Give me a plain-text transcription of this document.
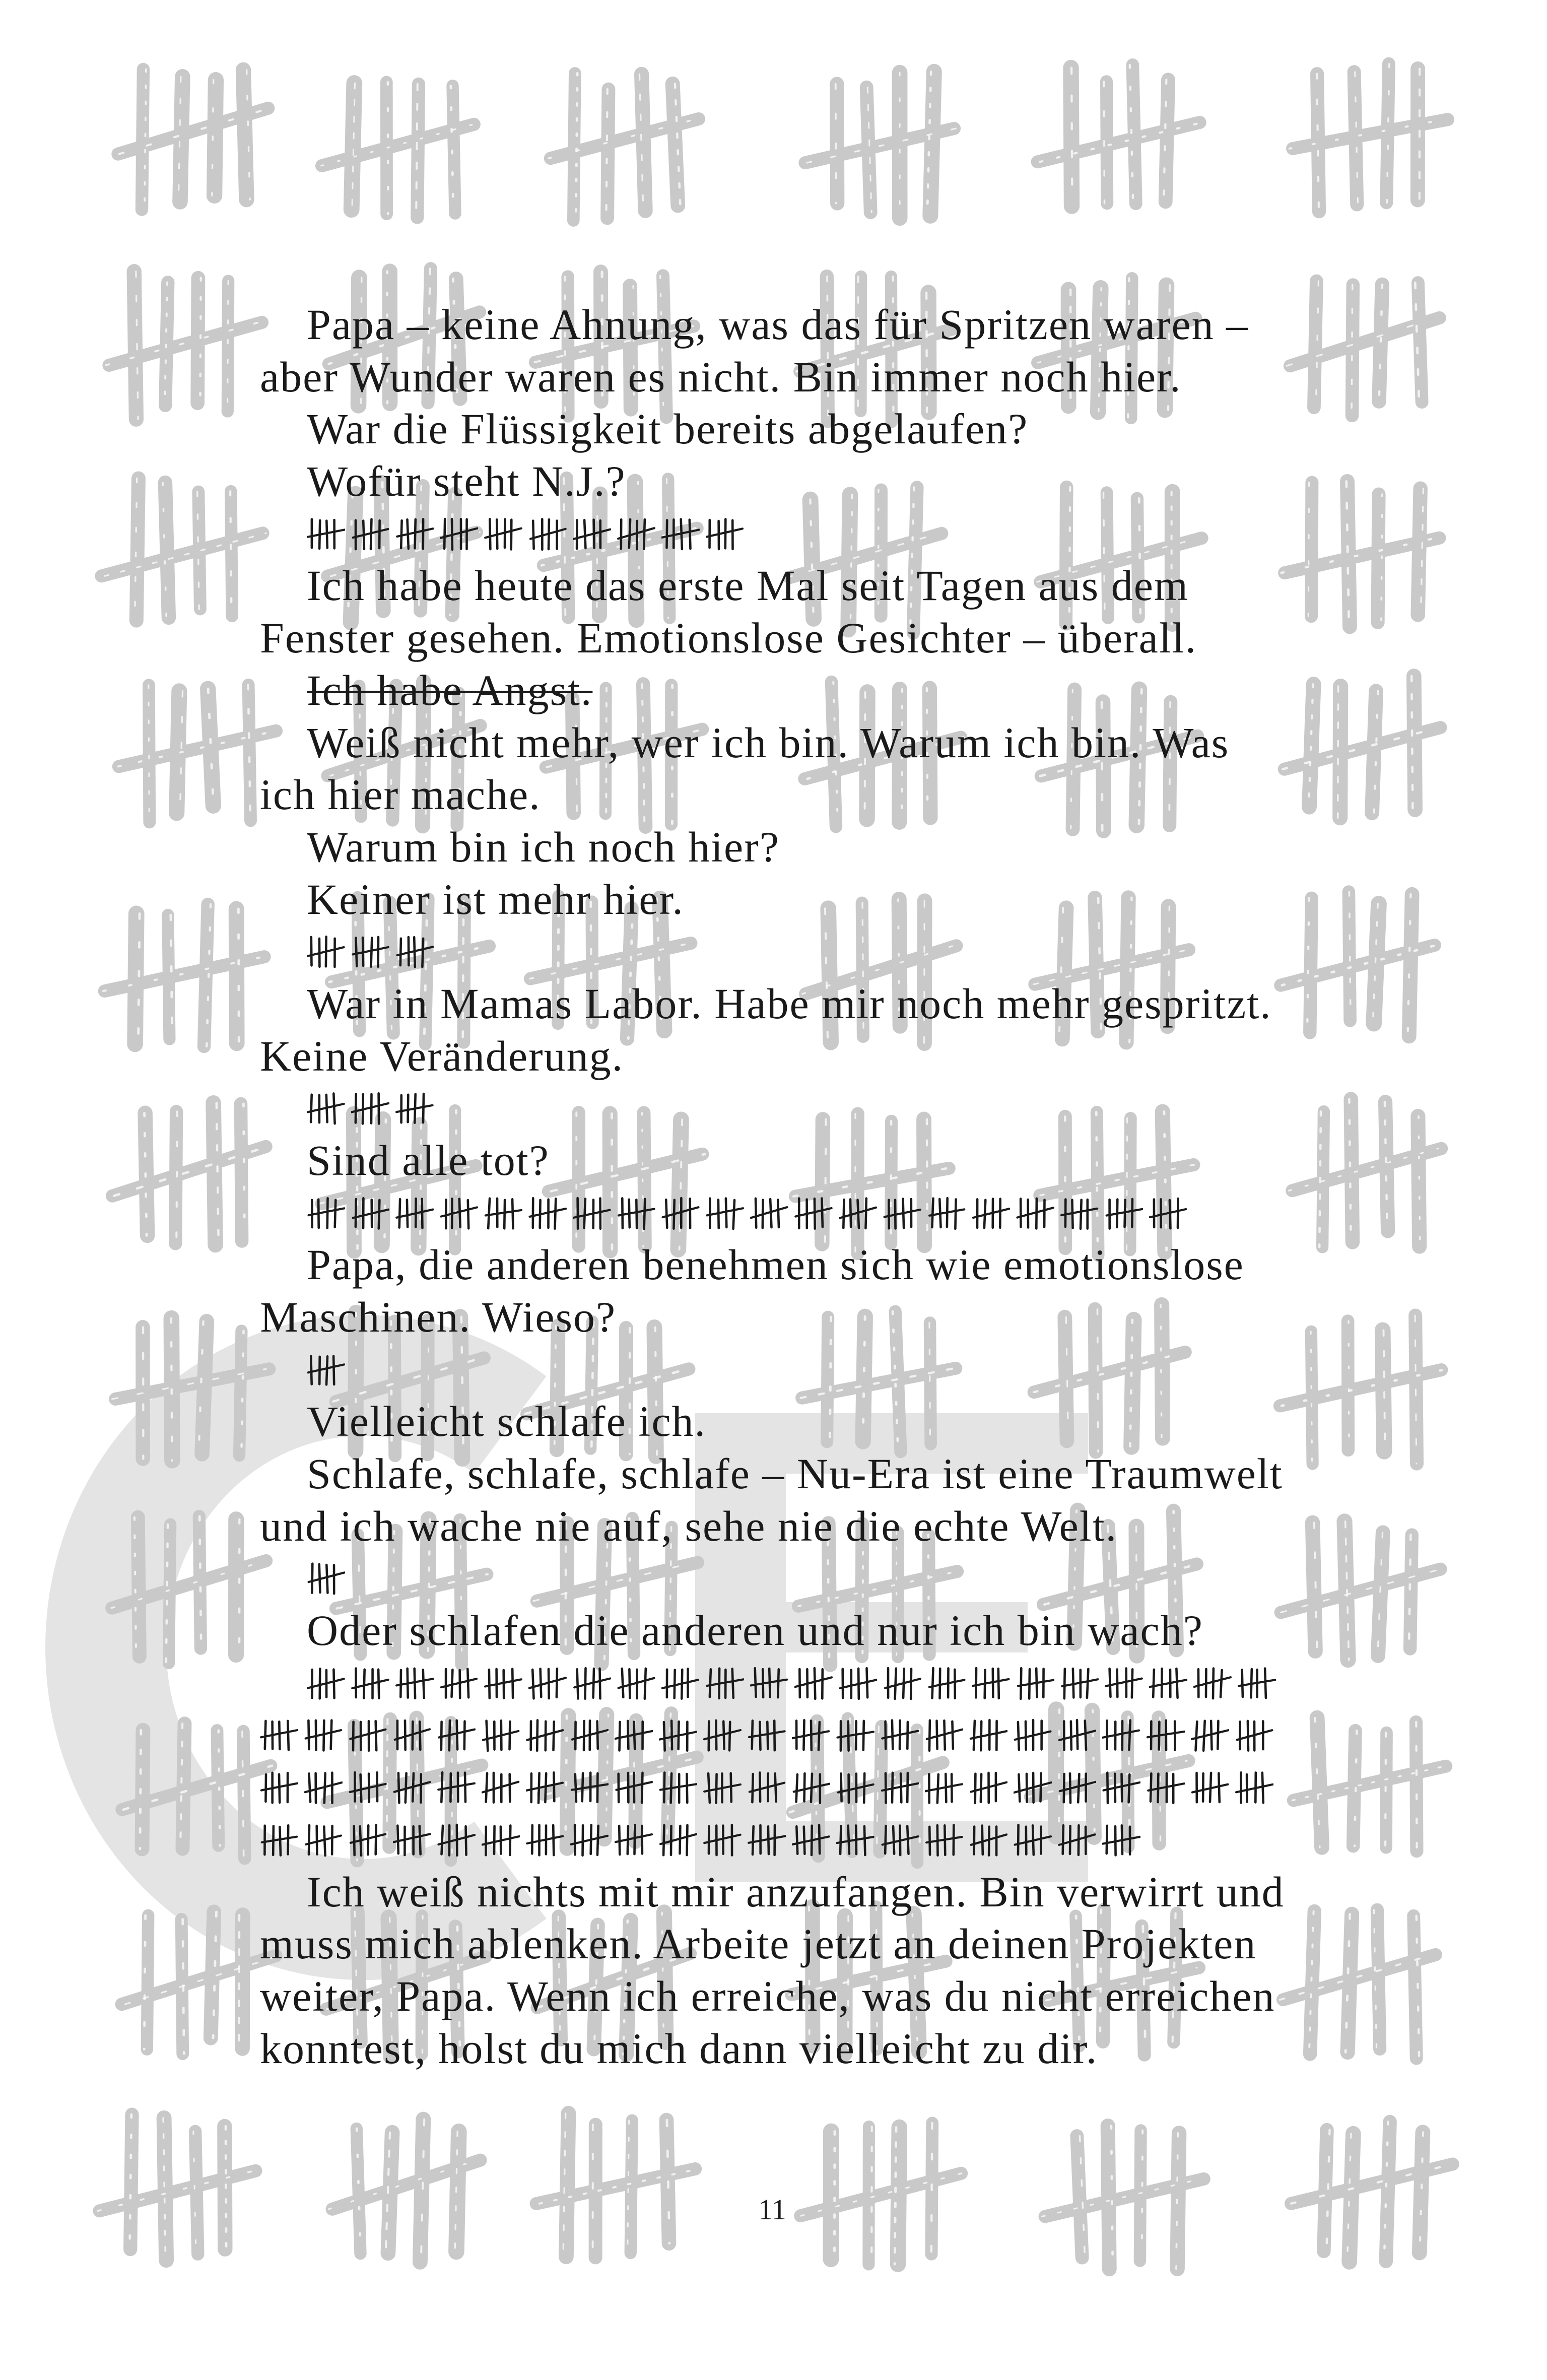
Papa – keine Ahnung, was das für Spritzen waren –
aber Wunder waren es nicht. Bin immer noch hier.
War die Flüssigkeit bereits abgelaufen?
Wofür steht N.J.?
Ich habe heute das erste Mal seit Tagen aus dem
Fenster gesehen. Emotionslose Gesichter – überall.
Ich habe Angst.
Weiß nicht mehr, wer ich bin. Warum ich bin. Was
ich hier mache.
Warum bin ich noch hier?
Keiner ist mehr hier.
War in Mamas Labor. Habe mir noch mehr gespritzt.
Keine Veränderung.
Sind alle tot?
Papa, die anderen benehmen sich wie emotionslose
Maschinen. Wieso?
Vielleicht schlafe ich.
Schlafe, schlafe, schlafe – Nu-Era ist eine Traumwelt
und ich wache nie auf, sehe nie die echte Welt.
Oder schlafen die anderen und nur ich bin wach?
Ich weiß nichts mit mir anzufangen. Bin verwirrt und
muss mich ablenken. Arbeite jetzt an deinen Projekten
weiter, Papa. Wenn ich erreiche, was du nicht erreichen
konntest, holst du mich dann vielleicht zu dir.
11
